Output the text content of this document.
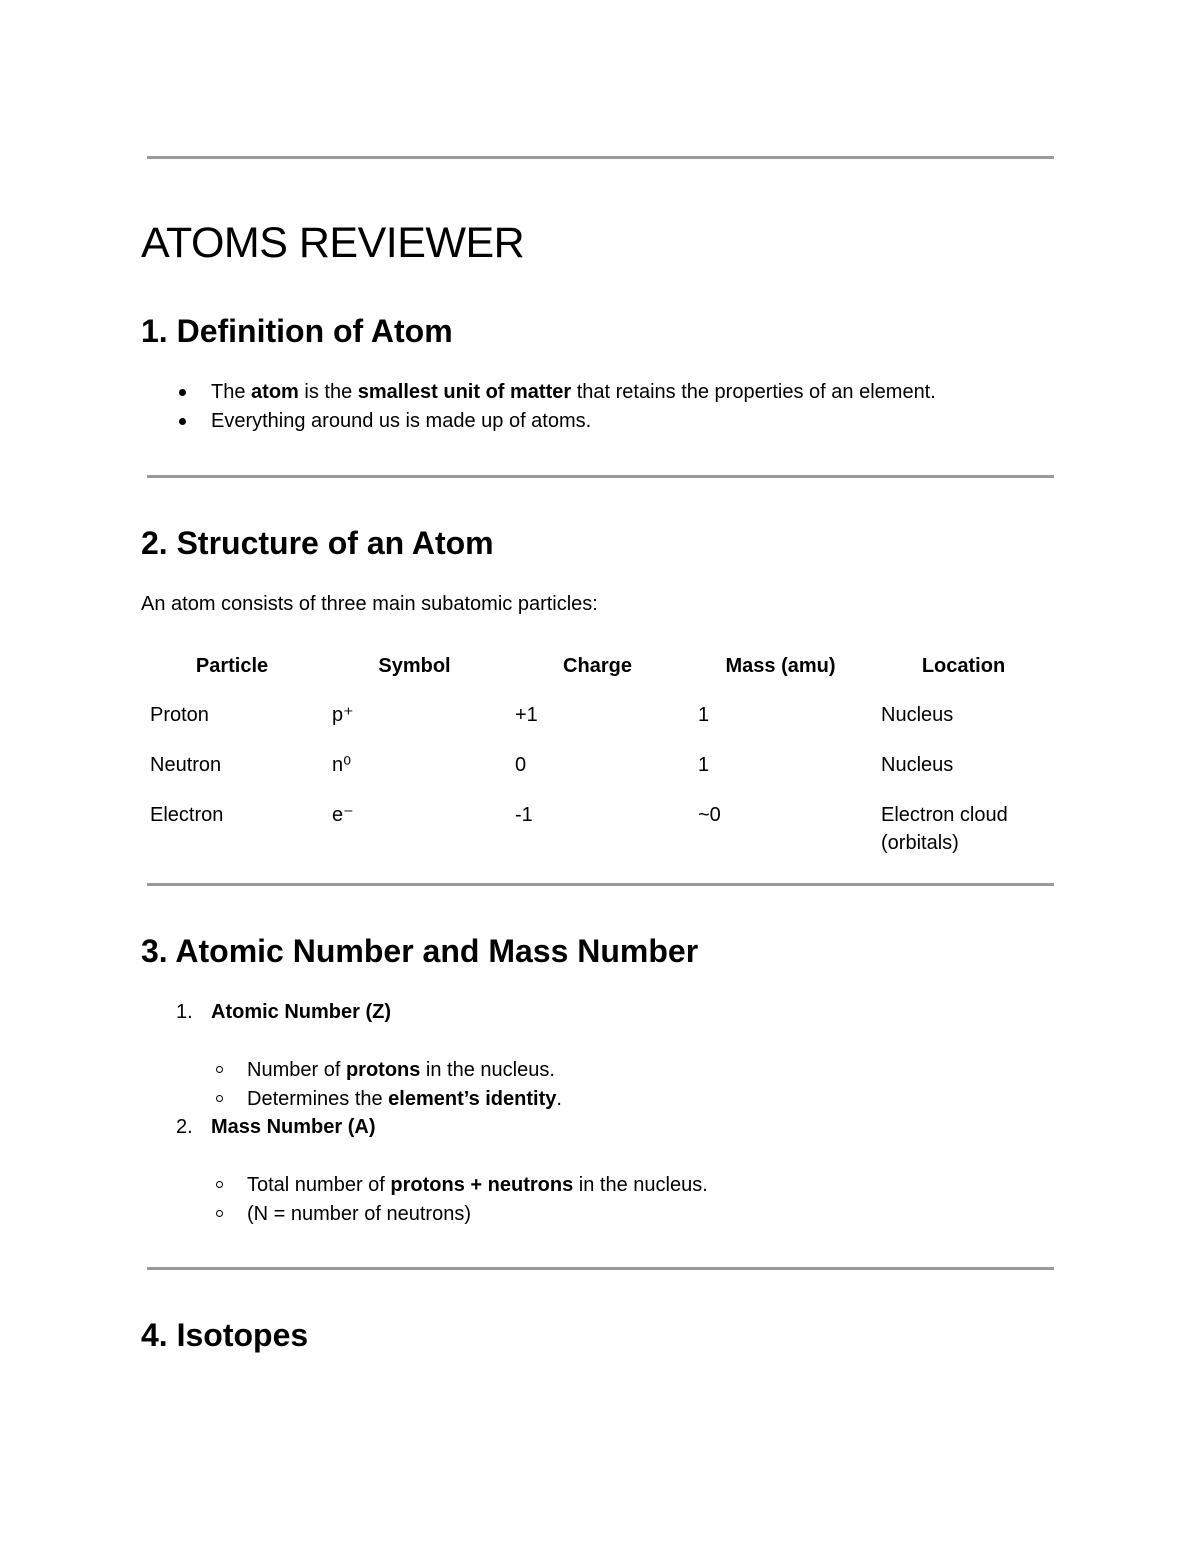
ATOMS REVIEWER
1. Definition of Atom
The atom is the smallest unit of matter that retains the properties of an element.
Everything around us is made up of atoms.
2. Structure of an Atom

An atom consists of three main subatomic particles:

Particle	Symbol	Charge	Mass (amu)	Location
Proton	p⁺	+1	1	Nucleus
Neutron	n⁰	0	1	Nucleus
Electron	e⁻	-1	~0	Electron cloud (orbitals)
3. Atomic Number and Mass Number
1. Atomic Number (Z)
Number of protons in the nucleus.
Determines the element’s identity.
2. Mass Number (A)
Total number of protons + neutrons in the nucleus.
(N = number of neutrons)
4. Isotopes
